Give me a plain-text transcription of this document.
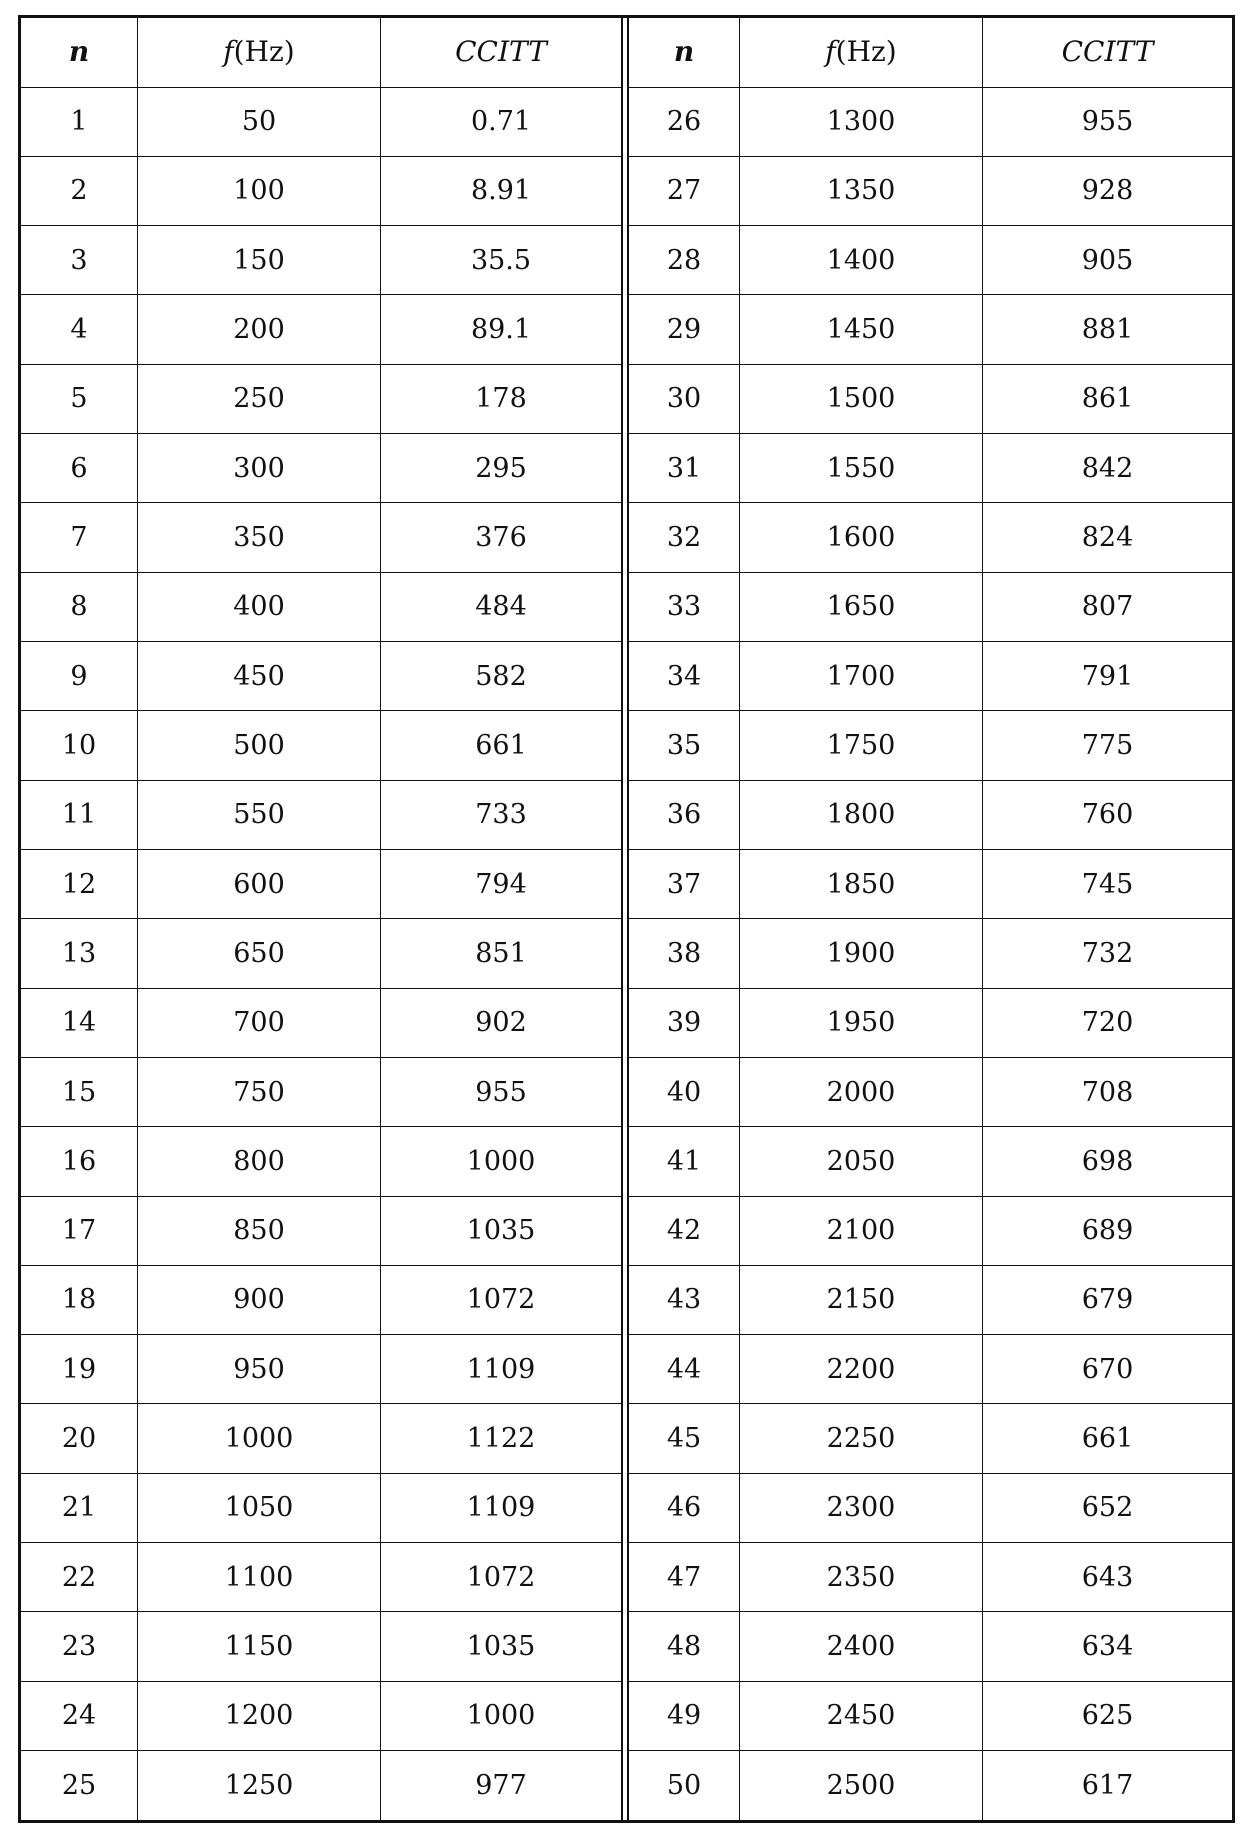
n	f(Hz)	CCITT
1	50	0.71
2	100	8.91
3	150	35.5
4	200	89.1
5	250	178
6	300	295
7	350	376
8	400	484
9	450	582
10	500	661
11	550	733
12	600	794
13	650	851
14	700	902
15	750	955
16	800	1000
17	850	1035
18	900	1072
19	950	1109
20	1000	1122
21	1050	1109
22	1100	1072
23	1150	1035
24	1200	1000
25	1250	977
n	f(Hz)	CCITT
26	1300	955
27	1350	928
28	1400	905
29	1450	881
30	1500	861
31	1550	842
32	1600	824
33	1650	807
34	1700	791
35	1750	775
36	1800	760
37	1850	745
38	1900	732
39	1950	720
40	2000	708
41	2050	698
42	2100	689
43	2150	679
44	2200	670
45	2250	661
46	2300	652
47	2350	643
48	2400	634
49	2450	625
50	2500	617
